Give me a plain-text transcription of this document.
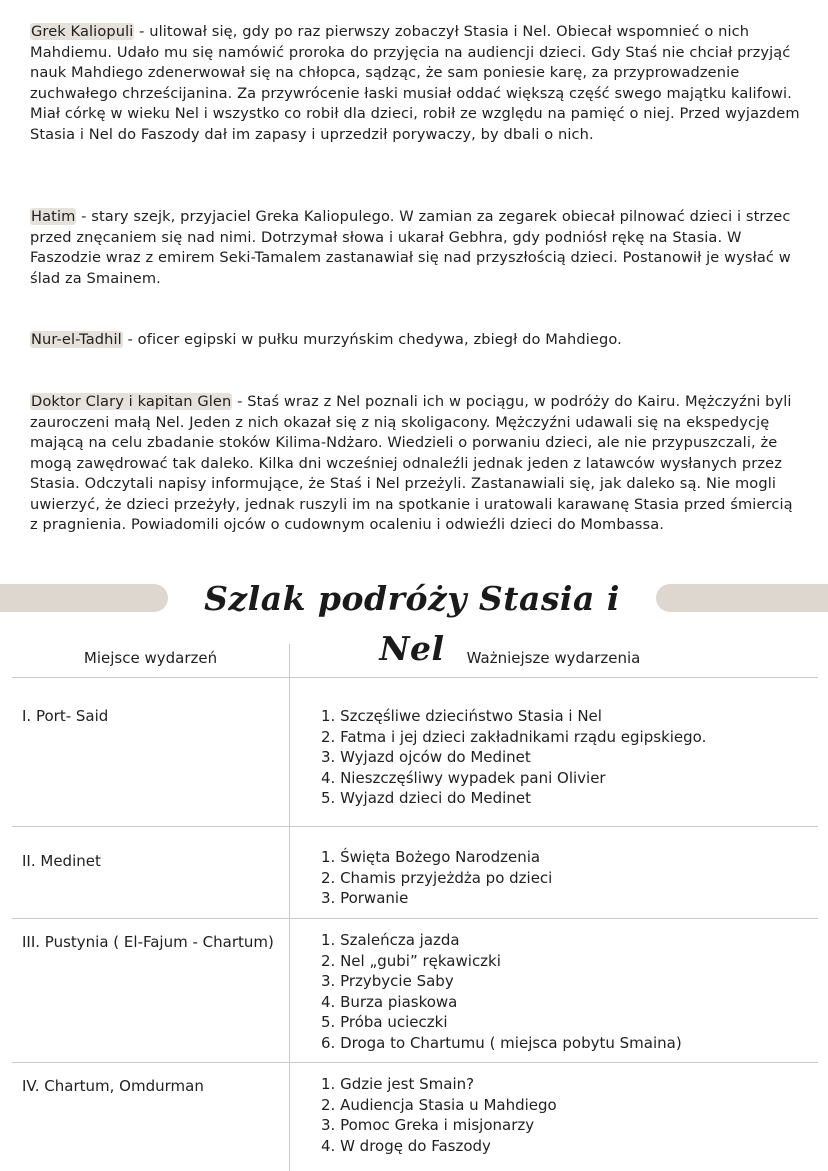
Grek Kaliopuli - ulitował się, gdy po raz pierwszy zobaczył Stasia i Nel. Obiecał wspomnieć o nich Mahdiemu. Udało mu się namówić proroka do przyjęcia na audiencji dzieci. Gdy Staś nie chciał przyjąć nauk Mahdiego zdenerwował się na chłopca, sądząc, że sam poniesie karę, za przyprowadzenie zuchwałego chrześcijanina. Za przywrócenie łaski musiał oddać większą część swego majątku kalifowi. Miał córkę w wieku Nel i wszystko co robił dla dzieci, robił ze względu na pamięć o niej. Przed wyjazdem Stasia i Nel do Faszody dał im zapasy i uprzedził porywaczy, by dbali o nich.
Hatim - stary szejk, przyjaciel Greka Kaliopulego. W zamian za zegarek obiecał pilnować dzieci i strzec przed znęcaniem się nad nimi. Dotrzymał słowa i ukarał Gebhra, gdy podniósł rękę na Stasia. W Faszodzie wraz z emirem Seki-Tamalem zastanawiał się nad przyszłością dzieci. Postanowił je wysłać w ślad za Smainem.
Nur-el-Tadhil - oficer egipski w pułku murzyńskim chedywa, zbiegł do Mahdiego.
Doktor Clary i kapitan Glen - Staś wraz z Nel poznali ich w pociągu, w podróży do Kairu. Mężczyźni byli zauroczeni małą Nel. Jeden z nich okazał się z nią skoligacony. Mężczyźni udawali się na ekspedycję mającą na celu zbadanie stoków Kilima-Ndżaro. Wiedzieli o porwaniu dzieci, ale nie przypuszczali, że mogą zawędrować tak daleko. Kilka dni wcześniej odnaleźli jednak jeden z latawców wysłanych przez Stasia. Odczytali napisy informujące, że Staś i Nel przeżyli. Zastanawiali się, jak daleko są. Nie mogli uwierzyć, że dzieci przeżyły, jednak ruszyli im na spotkanie i uratowali karawanę Stasia przed śmiercią z pragnienia. Powiadomili ojców o cudownym ocaleniu i odwieźli dzieci do Mombassa.
Szlak podróży Stasia i Nel
Miejsce wydarzeń	Ważniejsze wydarzenia
I. Port- Said	1. Szczęśliwe dzieciństwo Stasia i Nel
2. Fatma i jej dzieci zakładnikami rządu egipskiego.
3. Wyjazd ojców do Medinet
4. Nieszczęśliwy wypadek pani Olivier
5. Wyjazd dzieci do Medinet
II. Medinet	1. Święta Bożego Narodzenia
2. Chamis przyjeżdża po dzieci
3. Porwanie
III. Pustynia ( El-Fajum - Chartum)	1. Szaleńcza jazda
2. Nel „gubi” rękawiczki
3. Przybycie Saby
4. Burza piaskowa
5. Próba ucieczki
6. Droga to Chartumu ( miejsca pobytu Smaina)
IV. Chartum, Omdurman	1. Gdzie jest Smain?
2. Audiencja Stasia u Mahdiego
3. Pomoc Greka i misjonarzy
4. W drogę do Faszody
